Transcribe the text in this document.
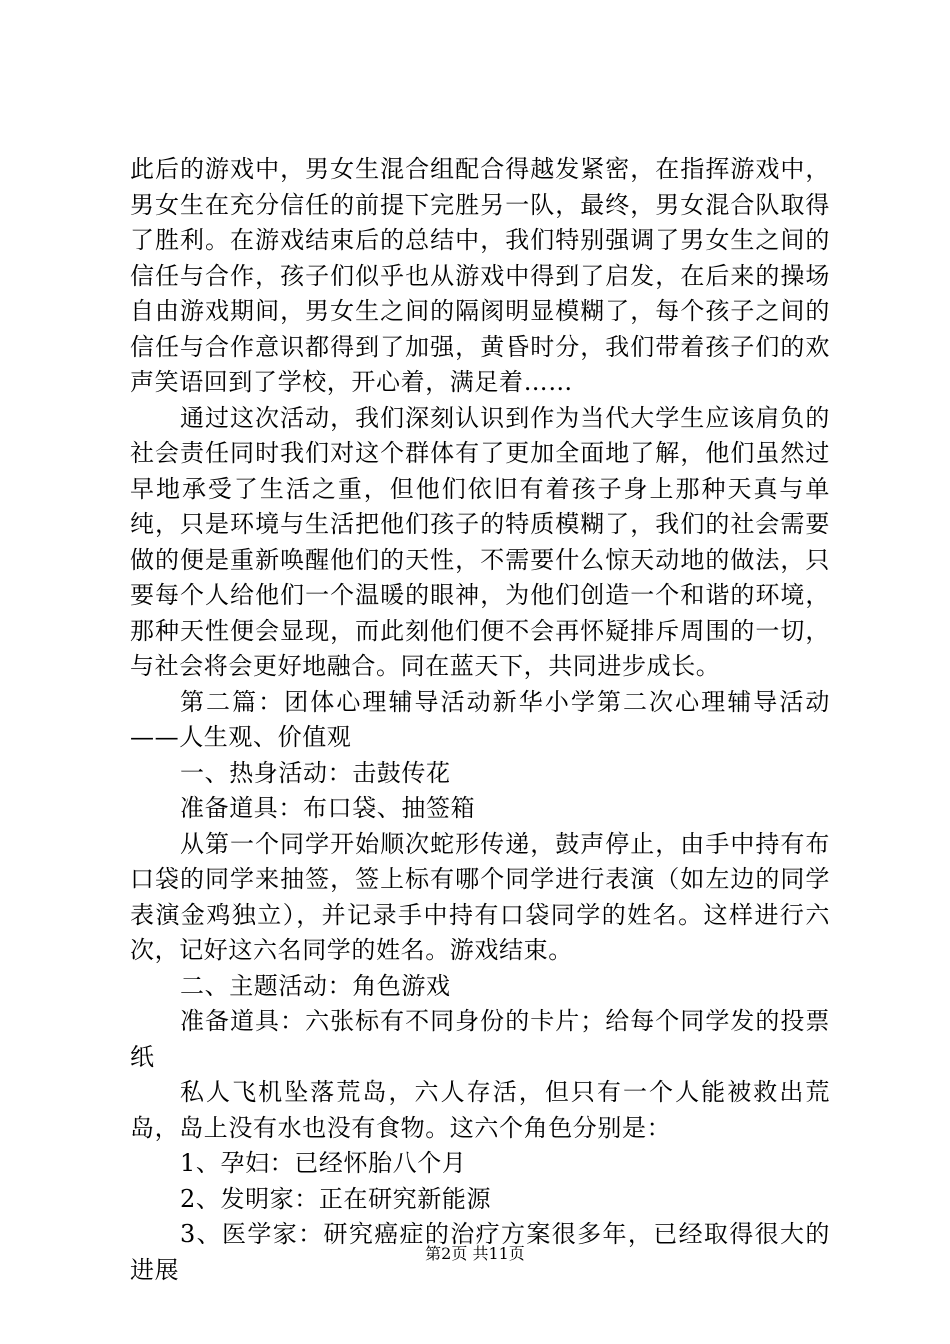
此后的游戏中，男女生混合组配合得越发紧密，在指挥游戏中，男女生在充分信任的前提下完胜另一队，最终，男女混合队取得了胜利。在游戏结束后的总结中，我们特别强调了男女生之间的信任与合作，孩子们似乎也从游戏中得到了启发，在后来的操场自由游戏期间，男女生之间的隔阂明显模糊了，每个孩子之间的信任与合作意识都得到了加强，黄昏时分，我们带着孩子们的欢声笑语回到了学校，开心着，满足着……

通过这次活动，我们深刻认识到作为当代大学生应该肩负的社会责任同时我们对这个群体有了更加全面地了解，他们虽然过早地承受了生活之重，但他们依旧有着孩子身上那种天真与单纯，只是环境与生活把他们孩子的特质模糊了，我们的社会需要做的便是重新唤醒他们的天性，不需要什么惊天动地的做法，只要每个人给他们一个温暖的眼神，为他们创造一个和谐的环境，那种天性便会显现，而此刻他们便不会再怀疑排斥周围的一切，与社会将会更好地融合。同在蓝天下，共同进步成长。

第二篇：团体心理辅导活动新华小学第二次心理辅导活动——人生观、价值观

一、热身活动：击鼓传花

准备道具：布口袋、抽签箱

从第一个同学开始顺次蛇形传递，鼓声停止，由手中持有布口袋的同学来抽签，签上标有哪个同学进行表演（如左边的同学表演金鸡独立），并记录手中持有口袋同学的姓名。这样进行六次，记好这六名同学的姓名。游戏结束。

二、主题活动：角色游戏

准备道具：六张标有不同身份的卡片；给每个同学发的投票纸

私人飞机坠落荒岛，六人存活，但只有一个人能被救出荒岛，岛上没有水也没有食物。这六个角色分别是：

1、孕妇：已经怀胎八个月

2、发明家：正在研究新能源

3、医学家：研究癌症的治疗方案很多年，已经取得很大的进展

第2页 共11页
